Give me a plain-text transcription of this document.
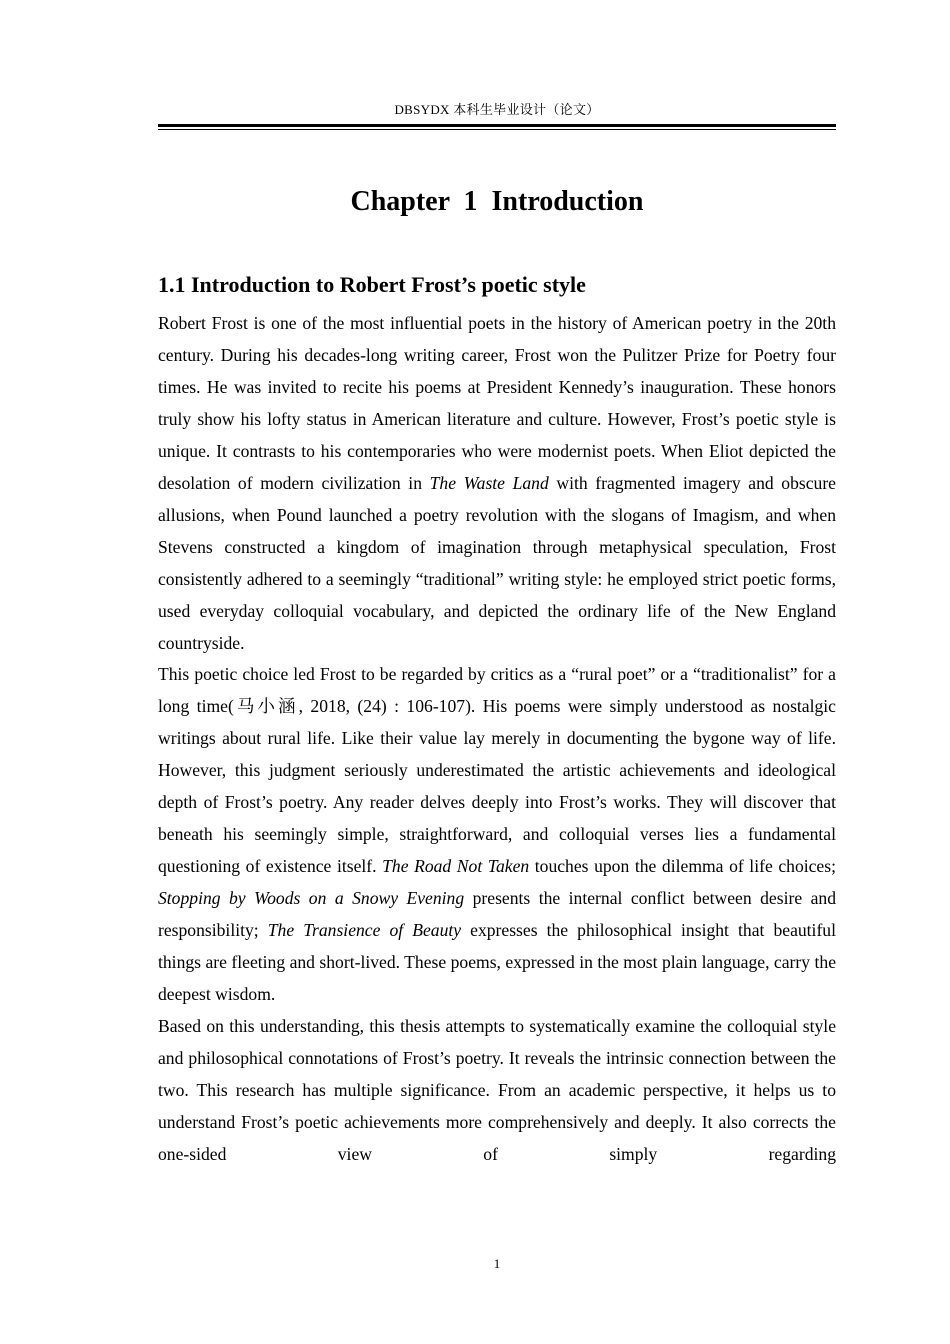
DBSYDX 本科生毕业设计（论文）
Chapter  1  Introduction
1.1 Introduction to Robert Frost’s poetic style

Robert Frost is one of the most influential poets in the history of American poetry in the 20th century. During his decades-long writing career, Frost won the Pulitzer Prize for Poetry four times. He was invited to recite his poems at President Kennedy’s inauguration. These honors truly show his lofty status in American literature and culture. However, Frost’s poetic style is unique. It contrasts to his contemporaries who were modernist poets. When Eliot depicted the desolation of modern civilization in The Waste Land with fragmented imagery and obscure allusions, when Pound launched a poetry revolution with the slogans of Imagism, and when Stevens constructed a kingdom of imagination through metaphysical speculation, Frost consistently adhered to a seemingly “traditional” writing style: he employed strict poetic forms, used everyday colloquial vocabulary, and depicted the ordinary life of the New England countryside.

This poetic choice led Frost to be regarded by critics as a “rural poet” or a “traditionalist” for a long time(马小涵, 2018, (24) : 106-107). His poems were simply understood as nostalgic writings about rural life. Like their value lay merely in documenting the bygone way of life. However, this judgment seriously underestimated the artistic achievements and ideological depth of Frost’s poetry. Any reader delves deeply into Frost’s works. They will discover that beneath his seemingly simple, straightforward, and colloquial verses lies a fundamental questioning of existence itself. The Road Not Taken touches upon the dilemma of life choices; Stopping by Woods on a Snowy Evening presents the internal conflict between desire and responsibility; The Transience of Beauty expresses the philosophical insight that beautiful things are fleeting and short-lived. These poems, expressed in the most plain language, carry the deepest wisdom.

Based on this understanding, this thesis attempts to systematically examine the colloquial style and philosophical connotations of Frost’s poetry. It reveals the intrinsic connection between the two. This research has multiple significance. From an academic perspective, it helps us to understand Frost’s poetic achievements more comprehensively and deeply. It also corrects the one-sided view of simply regarding

1
